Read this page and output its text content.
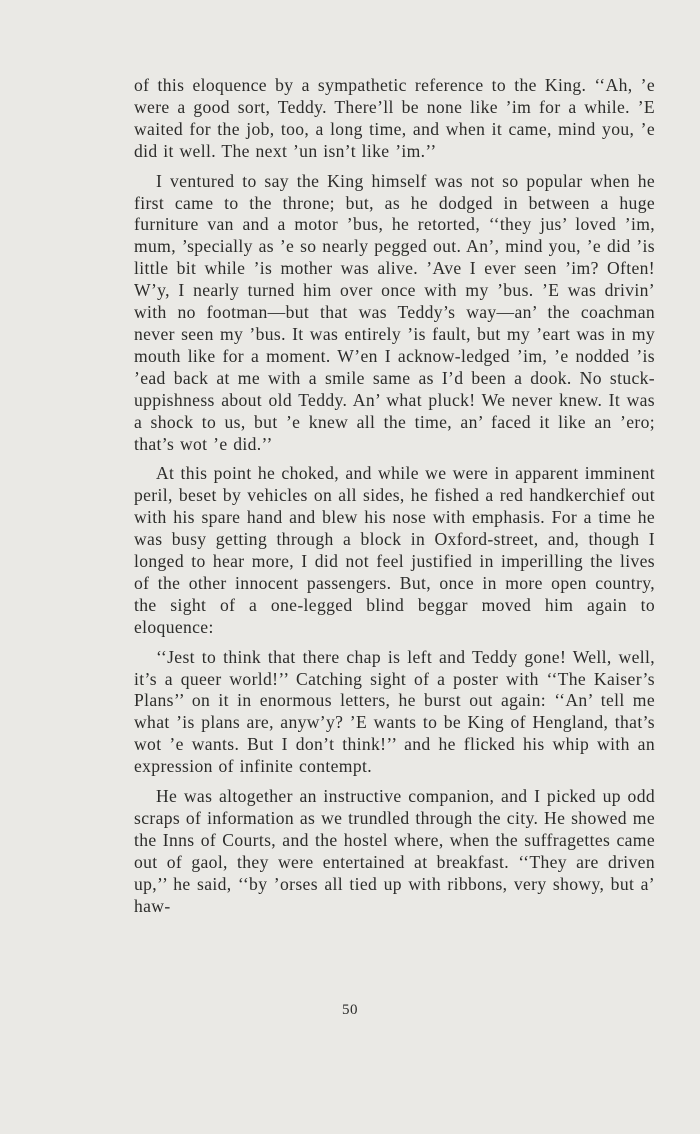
of this eloquence by a sympathetic reference to the King. ‘‘Ah, ’e were a good sort, Teddy. There’ll be none like ’im for a while. ’E waited for the job, too, a long time, and when it came, mind you, ’e did it well. The next ’un isn’t like ’im.’’

I ventured to say the King himself was not so popular when he first came to the throne; but, as he dodged in between a huge furniture van and a motor ’bus, he retorted, ‘‘they jus’ loved ’im, mum, ’specially as ’e so nearly pegged out. An’, mind you, ’e did ’is little bit while ’is mother was alive. ’Ave I ever seen ’im? Often! W’y, I nearly turned him over once with my ’bus. ’E was drivin’ with no footman—but that was Teddy’s way—an’ the coachman never seen my ’bus. It was entirely ’is fault, but my ’eart was in my mouth like for a moment. W’en I acknow-ledged ’im, ’e nodded ’is ’ead back at me with a smile same as I’d been a dook. No stuck-uppishness about old Teddy. An’ what pluck! We never knew. It was a shock to us, but ’e knew all the time, an’ faced it like an ’ero; that’s wot ’e did.’’

At this point he choked, and while we were in apparent imminent peril, beset by vehicles on all sides, he fished a red handkerchief out with his spare hand and blew his nose with emphasis. For a time he was busy getting through a block in Oxford-street, and, though I longed to hear more, I did not feel justified in imperilling the lives of the other innocent passengers. But, once in more open country, the sight of a one-legged blind beggar moved him again to eloquence:

‘‘Jest to think that there chap is left and Teddy gone! Well, well, it’s a queer world!’’ Catching sight of a poster with ‘‘The Kaiser’s Plans’’ on it in enormous letters, he burst out again: ‘‘An’ tell me what ’is plans are, anyw’y? ’E wants to be King of Hengland, that’s wot ’e wants. But I don’t think!’’ and he flicked his whip with an expression of infinite contempt.

He was altogether an instructive companion, and I picked up odd scraps of information as we trundled through the city. He showed me the Inns of Courts, and the hostel where, when the suffragettes came out of gaol, they were entertained at breakfast. ‘‘They are driven up,’’ he said, ‘‘by ’orses all tied up with ribbons, very showy, but a’ haw-

50
